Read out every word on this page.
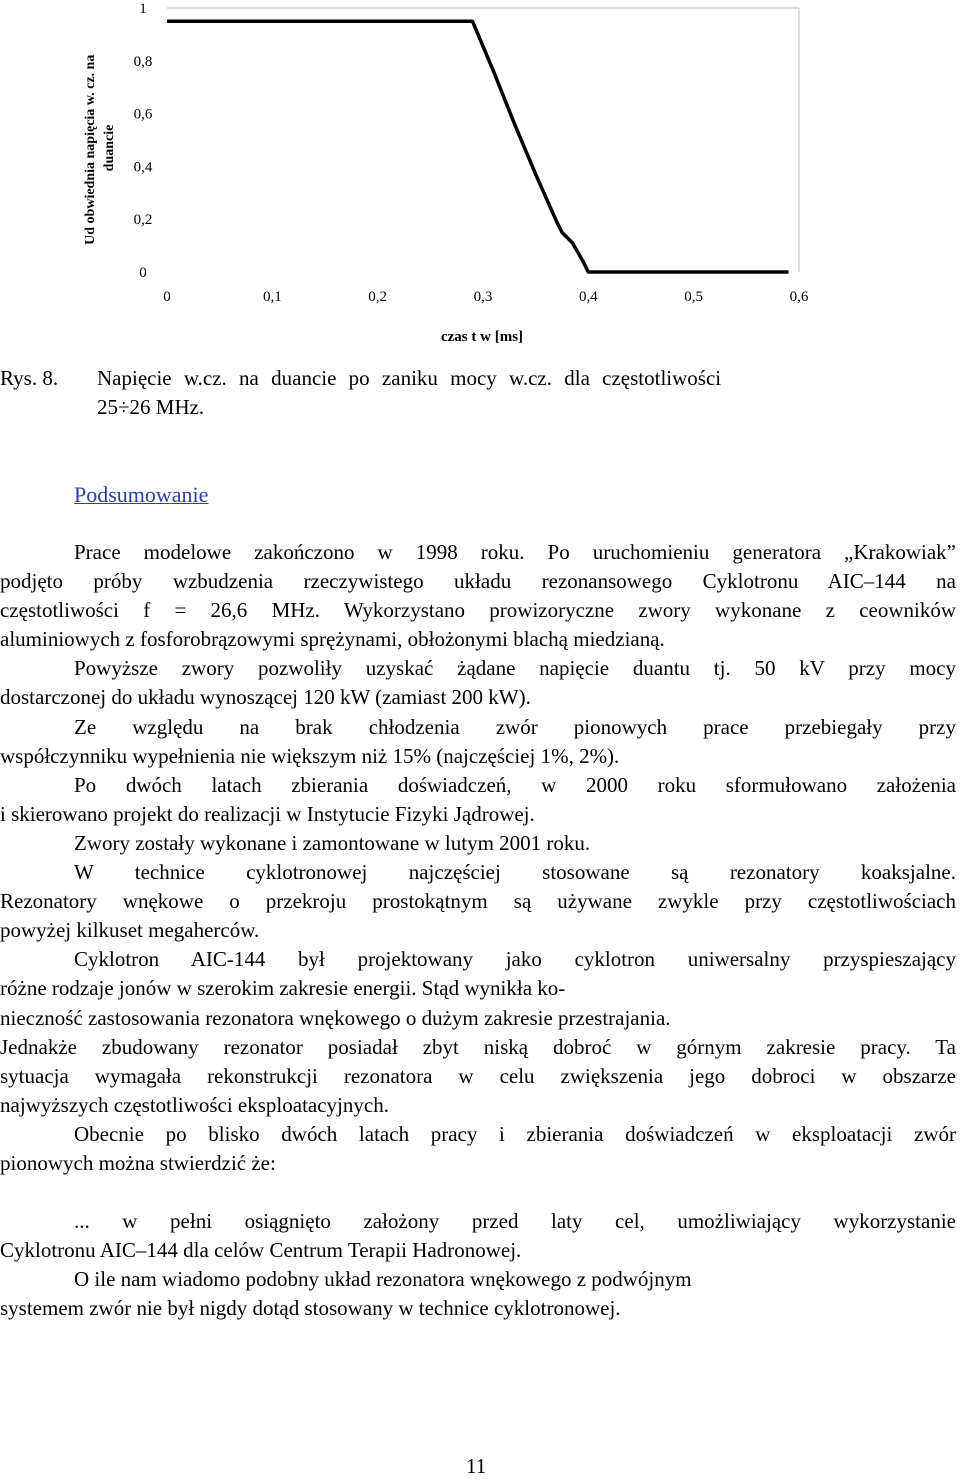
0	0,1	0,2	0,3	0,4	0,5	0,6
0
0,2
0,4
0,6
0,8
1
Ud obwiednia napięcia w. cz. na duancie
czas t w [ms]
Rys. 8. Napięcie w.cz. na duancie po zaniku mocy w.cz. dla częstotliwości
25÷26 MHz.
Podsumowanie
Prace modelowe zakończono w 1998 roku. Po uruchomieniu generatora „Krakowiak”
podjęto próby wzbudzenia rzeczywistego układu rezonansowego Cyklotronu AIC–144 na
częstotliwości f = 26,6 MHz. Wykorzystano prowizoryczne zwory wykonane z ceowników
aluminiowych z fosforobrązowymi sprężynami, obłożonymi blachą miedzianą.
Powyższe zwory pozwoliły uzyskać żądane napięcie duantu tj. 50 kV przy mocy
dostarczonej do układu wynoszącej 120 kW (zamiast 200 kW).
Ze względu na brak chłodzenia zwór pionowych prace przebiegały przy
współczynniku wypełnienia nie większym niż 15% (najczęściej 1%, 2%).
Po dwóch latach zbierania doświadczeń, w 2000 roku sformułowano założenia
i skierowano projekt do realizacji w Instytucie Fizyki Jądrowej.
Zwory zostały wykonane i zamontowane w lutym 2001 roku.
W technice cyklotronowej najczęściej stosowane są rezonatory koaksjalne.
Rezonatory wnękowe o przekroju prostokątnym są używane zwykle przy częstotliwościach
powyżej kilkuset megaherców.
Cyklotron AIC-144 był projektowany jako cyklotron uniwersalny przyspieszający
różne rodzaje jonów w szerokim zakresie energii. Stąd wynikła ko-
nieczność zastosowania rezonatora wnękowego o dużym zakresie przestrajania.
Jednakże zbudowany rezonator posiadał zbyt niską dobroć w górnym zakresie pracy. Ta
sytuacja wymagała rekonstrukcji rezonatora w celu zwiększenia jego dobroci w obszarze
najwyższych częstotliwości eksploatacyjnych.
Obecnie po blisko dwóch latach pracy i zbierania doświadczeń w eksploatacji zwór
pionowych można stwierdzić że:
... w pełni osiągnięto założony przed laty cel, umożliwiający wykorzystanie
Cyklotronu AIC–144 dla celów Centrum Terapii Hadronowej.
O ile nam wiadomo podobny układ rezonatora wnękowego z podwójnym
systemem zwór nie był nigdy dotąd stosowany w technice cyklotronowej.
11
